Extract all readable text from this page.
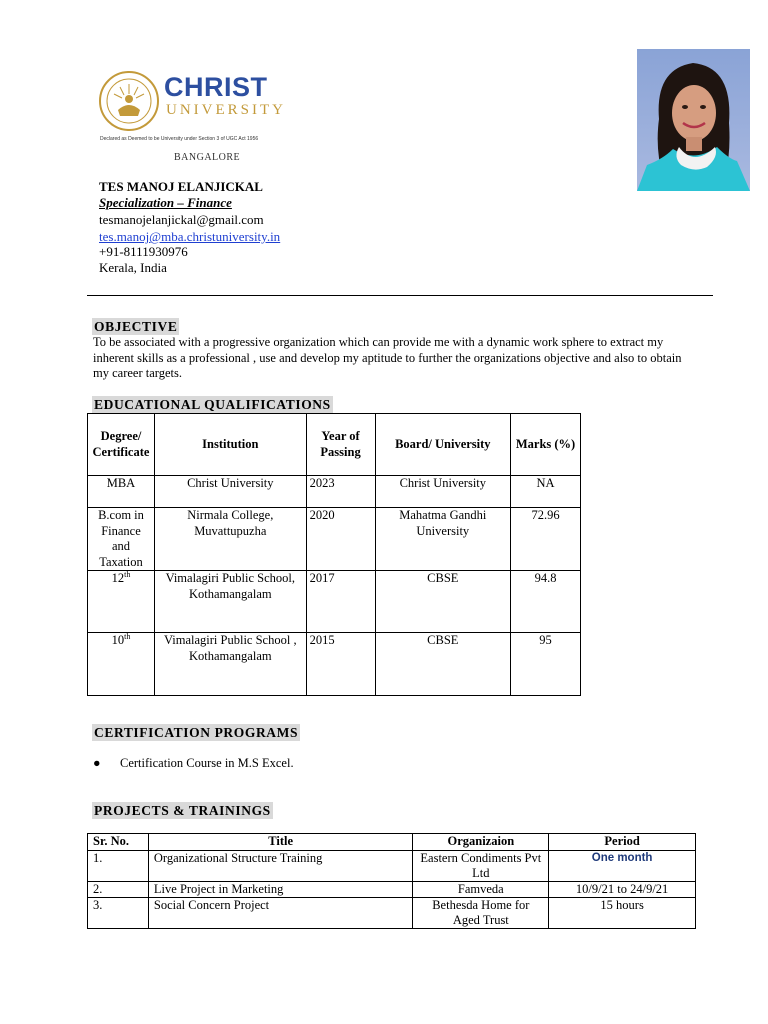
CHRIST
UNIVERSITY
Declared as Deemed to be University under Section 3 of UGC Act 1956
BANGALORE
TES MANOJ ELANJICKAL
Specialization – Finance
tesmanojelanjickal@gmail.com
tes.manoj@mba.christuniversity.in
+91-8111930976
Kerala, India
OBJECTIVE
To be associated with a progressive organization which can provide me with a dynamic work sphere to extract my inherent skills as a professional , use and develop my aptitude to further the organizations objective and also to obtain my career targets.
EDUCATIONAL QUALIFICATIONS
Degree/ Certificate	Institution	Year of Passing	Board/ University	Marks (%)
MBA	Christ University	2023	Christ University	NA
B.com in Finance and Taxation	Nirmala College, Muvattupuzha	2020	Mahatma Gandhi University	72.96
12th	Vimalagiri Public School, Kothamangalam	2017	CBSE	94.8
10th	Vimalagiri Public School , Kothamangalam	2015	CBSE	95
CERTIFICATION PROGRAMS
● Certification Course in M.S Excel.
PROJECTS & TRAININGS
Sr. No.	Title	Organizaion	Period
1.	Organizational Structure Training	Eastern Condiments Pvt Ltd	One month
2.	Live Project in Marketing	Famveda	10/9/21 to 24/9/21
3.	Social Concern Project	Bethesda Home for Aged Trust	15 hours
